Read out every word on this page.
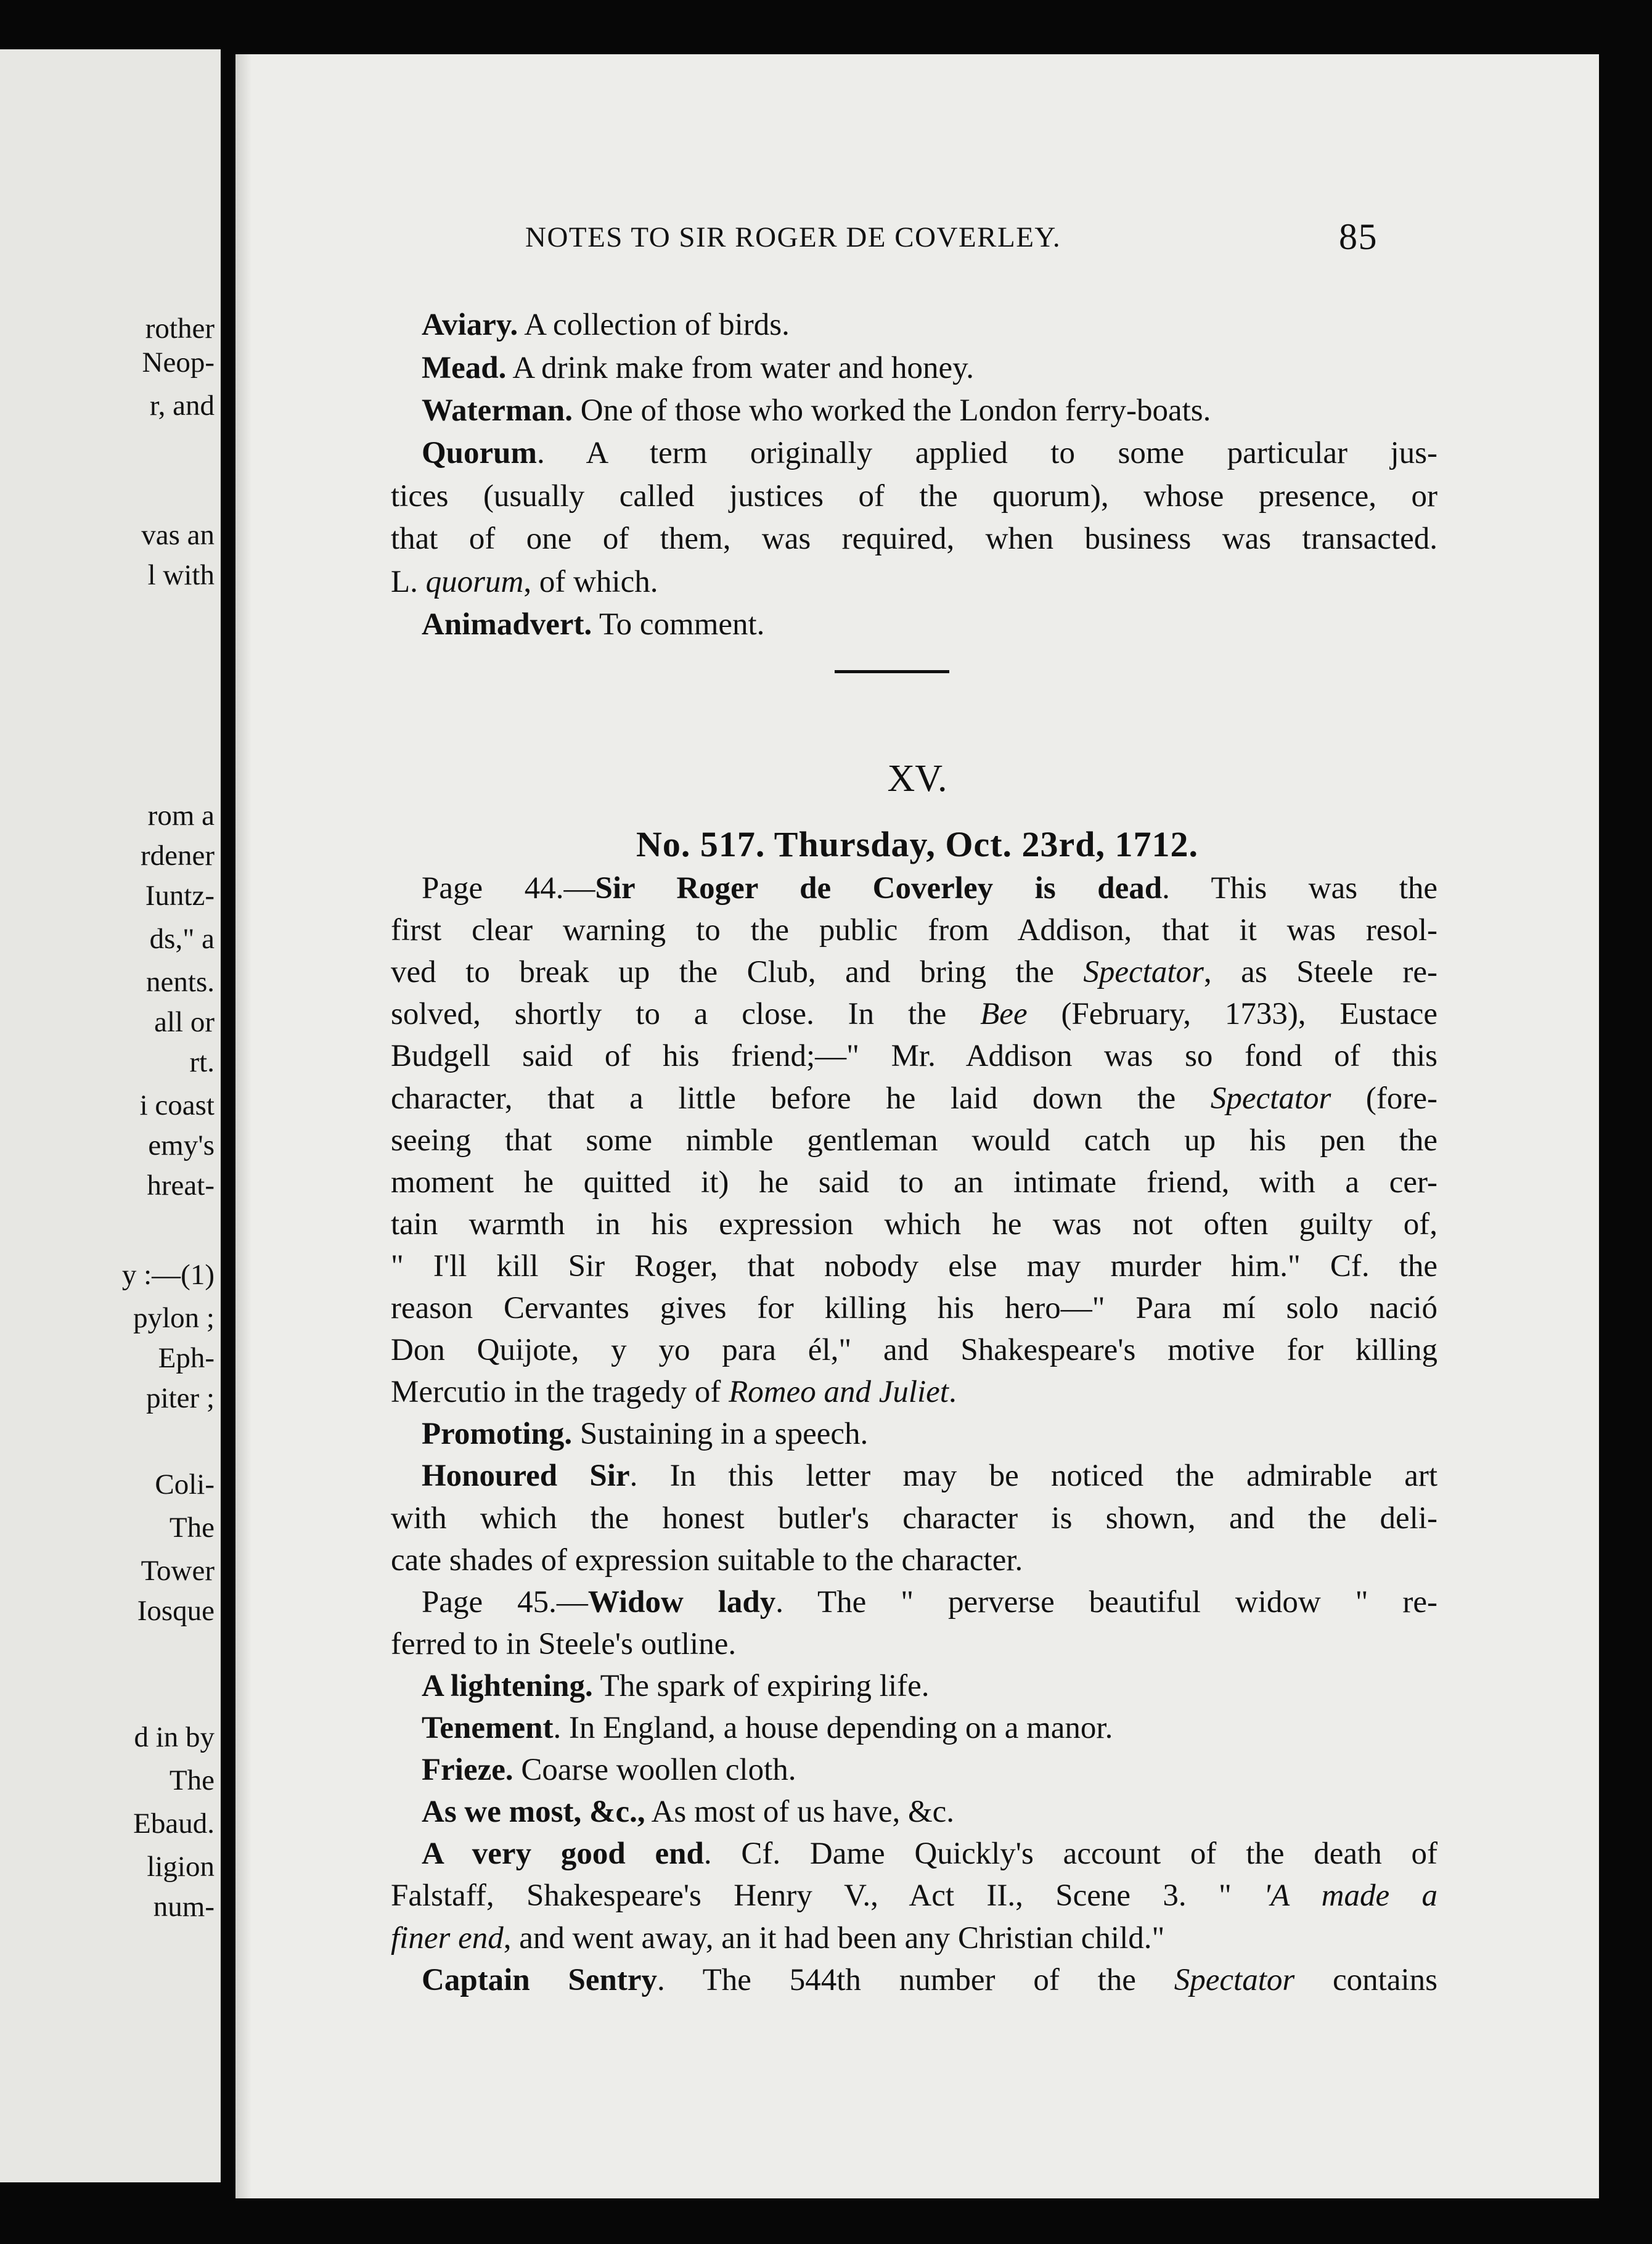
rother
Neop-
r, and
vas an
l with
rom a
rdener
Iuntz-
ds," a
nents.
all or
rt.
i coast
emy's
hreat-
y :—(1)
pylon ;
Eph-
piter ;
Coli-
The
Tower
Iosque
d in by
The
Ebaud.
ligion
num-
NOTES TO SIR ROGER DE COVERLEY.	85
Aviary. A collection of birds.
Mead. A drink make from water and honey.
Waterman. One of those who worked the London ferry-boats.
Quorum. A term originally applied to some particular jus-
tices (usually called justices of the quorum), whose presence, or
that of one of them, was required, when business was transacted.
L. quorum, of which.
Animadvert. To comment.
XV.
No. 517. Thursday, Oct. 23rd, 1712.
Page 44.—Sir Roger de Coverley is dead. This was the
first clear warning to the public from Addison, that it was resol-
ved to break up the Club, and bring the Spectator, as Steele re-
solved, shortly to a close. In the Bee (February, 1733), Eustace
Budgell said of his friend;—" Mr. Addison was so fond of this
character, that a little before he laid down the Spectator (fore-
seeing that some nimble gentleman would catch up his pen the
moment he quitted it) he said to an intimate friend, with a cer-
tain warmth in his expression which he was not often guilty of,
" I'll kill Sir Roger, that nobody else may murder him." Cf. the
reason Cervantes gives for killing his hero—" Para mí solo nació
Don Quijote, y yo para él," and Shakespeare's motive for killing
Mercutio in the tragedy of Romeo and Juliet.
Promoting. Sustaining in a speech.
Honoured Sir. In this letter may be noticed the admirable art
with which the honest butler's character is shown, and the deli-
cate shades of expression suitable to the character.
Page 45.—Widow lady. The " perverse beautiful widow " re-
ferred to in Steele's outline.
A lightening. The spark of expiring life.
Tenement. In England, a house depending on a manor.
Frieze. Coarse woollen cloth.
As we most, &c., As most of us have, &c.
A very good end. Cf. Dame Quickly's account of the death of
Falstaff, Shakespeare's Henry V., Act II., Scene 3. " 'A made a
finer end, and went away, an it had been any Christian child."
Captain Sentry. The 544th number of the Spectator contains
